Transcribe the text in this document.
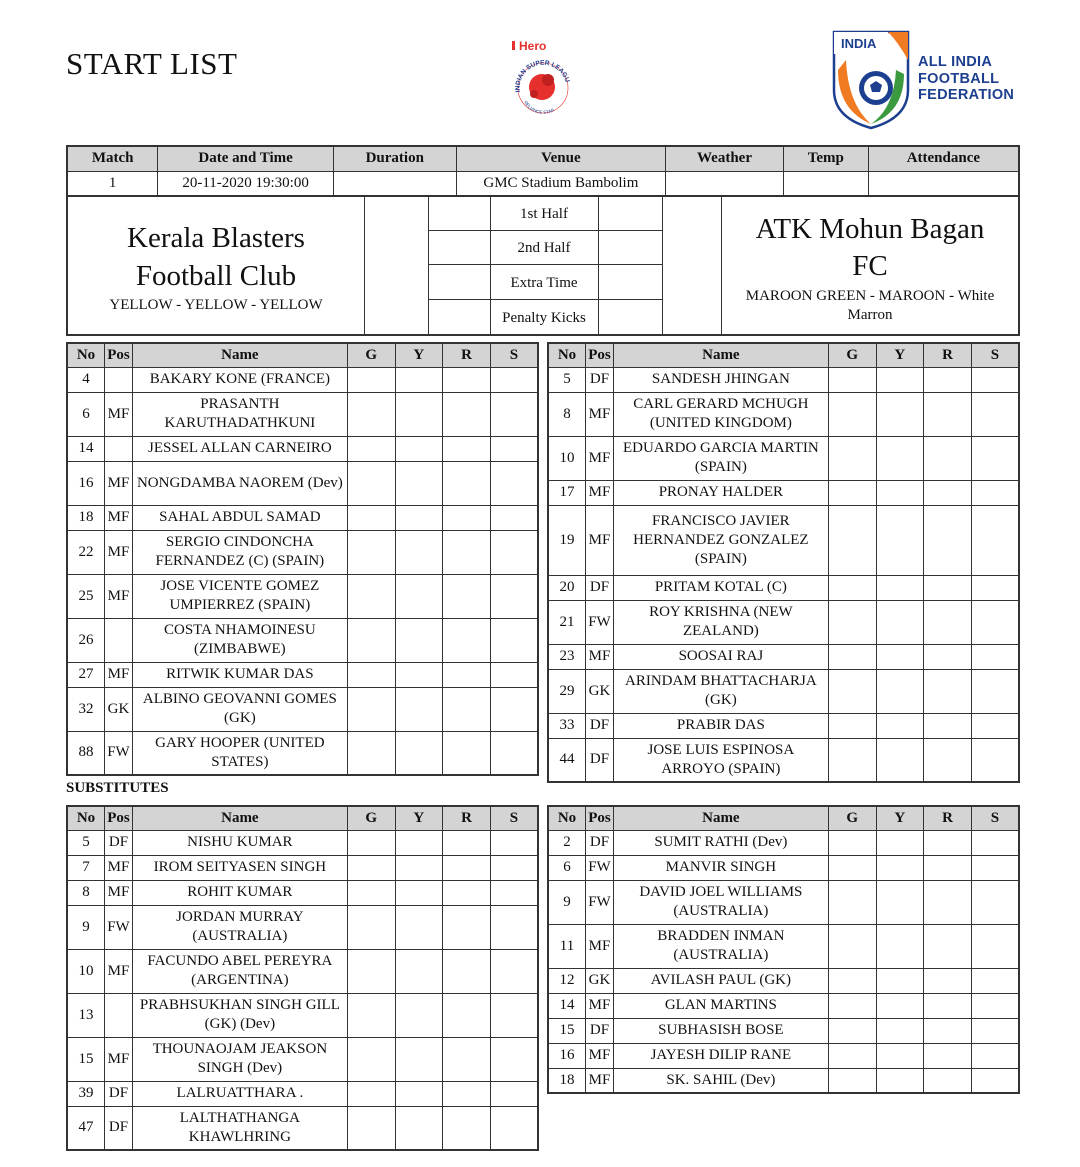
START LIST	Hero
INDIAN SUPER LEAGU
RELIANCE STAR
INDIA
ALL INDIA
FOOTBALL
FEDERATION
Match	Date and Time	Duration	Venue	Weather	Temp	Attendance
1	20-11-2020 19:30:00		GMC Stadium Bambolim			
Kerala Blasters
Football Club
YELLOW - YELLOW - YELLOW
1st Half
2nd Half
Extra Time
Penalty Kicks
ATK Mohun Bagan
FC
MAROON GREEN - MAROON - White
Marron
No	Pos	Name	G	Y	R	S
4		BAKARY KONE (FRANCE)				
6	MF	PRASANTH KARUTHADATHKUNI				
14		JESSEL ALLAN CARNEIRO				
16	MF	NONGDAMBA NAOREM (Dev)				
18	MF	SAHAL ABDUL SAMAD				
22	MF	SERGIO CINDONCHA FERNANDEZ (C) (SPAIN)				
25	MF	JOSE VICENTE GOMEZ UMPIERREZ (SPAIN)				
26		COSTA NHAMOINESU (ZIMBABWE)				
27	MF	RITWIK KUMAR DAS				
32	GK	ALBINO GEOVANNI GOMES (GK)				
88	FW	GARY HOOPER (UNITED STATES)				
No	Pos	Name	G	Y	R	S
5	DF	SANDESH JHINGAN				
8	MF	CARL GERARD MCHUGH (UNITED KINGDOM)				
10	MF	EDUARDO GARCIA MARTIN (SPAIN)				
17	MF	PRONAY HALDER				
19	MF	FRANCISCO JAVIER HERNANDEZ GONZALEZ (SPAIN)				
20	DF	PRITAM KOTAL (C)				
21	FW	ROY KRISHNA (NEW ZEALAND)				
23	MF	SOOSAI RAJ				
29	GK	ARINDAM BHATTACHARJA (GK)				
33	DF	PRABIR DAS				
44	DF	JOSE LUIS ESPINOSA ARROYO (SPAIN)				
SUBSTITUTES
No	Pos	Name	G	Y	R	S
5	DF	NISHU KUMAR				
7	MF	IROM SEITYASEN SINGH				
8	MF	ROHIT KUMAR				
9	FW	JORDAN MURRAY (AUSTRALIA)				
10	MF	FACUNDO ABEL PEREYRA (ARGENTINA)				
13		PRABHSUKHAN SINGH GILL (GK) (Dev)				
15	MF	THOUNAOJAM JEAKSON SINGH (Dev)				
39	DF	LALRUATTHARA .				
47	DF	LALTHATHANGA KHAWLHRING				
No	Pos	Name	G	Y	R	S
2	DF	SUMIT RATHI (Dev)				
6	FW	MANVIR SINGH				
9	FW	DAVID JOEL WILLIAMS (AUSTRALIA)				
11	MF	BRADDEN INMAN (AUSTRALIA)				
12	GK	AVILASH PAUL (GK)				
14	MF	GLAN MARTINS				
15	DF	SUBHASISH BOSE				
16	MF	JAYESH DILIP RANE				
18	MF	SK. SAHIL (Dev)				
